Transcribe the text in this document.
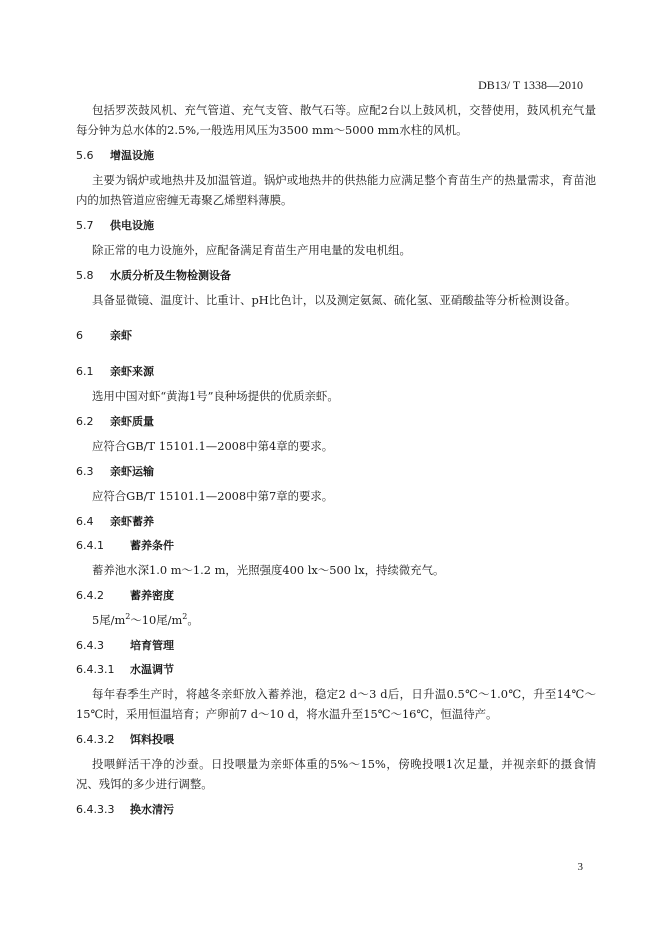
DB13/ T 1338—2010

包括罗茨鼓风机、充气管道、充气支管、散气石等。应配2台以上鼓风机，交替使用，鼓风机充气量每分钟为总水体的2.5%,一般选用风压为3500 mm～5000 mm水柱的风机。

5.6 增温设施

主要为锅炉或地热井及加温管道。锅炉或地热井的供热能力应满足整个育苗生产的热量需求，育苗池内的加热管道应密缠无毒聚乙烯塑料薄膜。

5.7 供电设施

除正常的电力设施外，应配备满足育苗生产用电量的发电机组。

5.8 水质分析及生物检测设备

具备显微镜、温度计、比重计、pH比色计，以及测定氨氮、硫化氢、亚硝酸盐等分析检测设备。

6 亲虾
6.1 亲虾来源

选用中国对虾“黄海1号”良种场提供的优质亲虾。

6.2 亲虾质量

应符合GB/T 15101.1—2008中第4章的要求。

6.3 亲虾运输

应符合GB/T 15101.1—2008中第7章的要求。

6.4 亲虾蓄养
6.4.1 蓄养条件

蓄养池水深1.0 m～1.2 m，光照强度400 lx～500 lx，持续微充气。

6.4.2 蓄养密度

5尾$/m^2\sim 10$尾$/m^2$。

6.4.3 培育管理
6.4.3.1 水温调节

每年春季生产时，将越冬亲虾放入蓄养池，稳定2 d～3 d后，日升温0.5℃～1.0℃，升至14℃～15℃时，采用恒温培育；产卵前7 d～10 d，将水温升至15℃～16℃，恒温待产。

6.4.3.2 饵料投喂

投喂鲜活干净的沙蚕。日投喂量为亲虾体重的5%～15%，傍晚投喂1次足量，并视亲虾的摄食情况、残饵的多少进行调整。

6.4.3.3 换水清污
3
